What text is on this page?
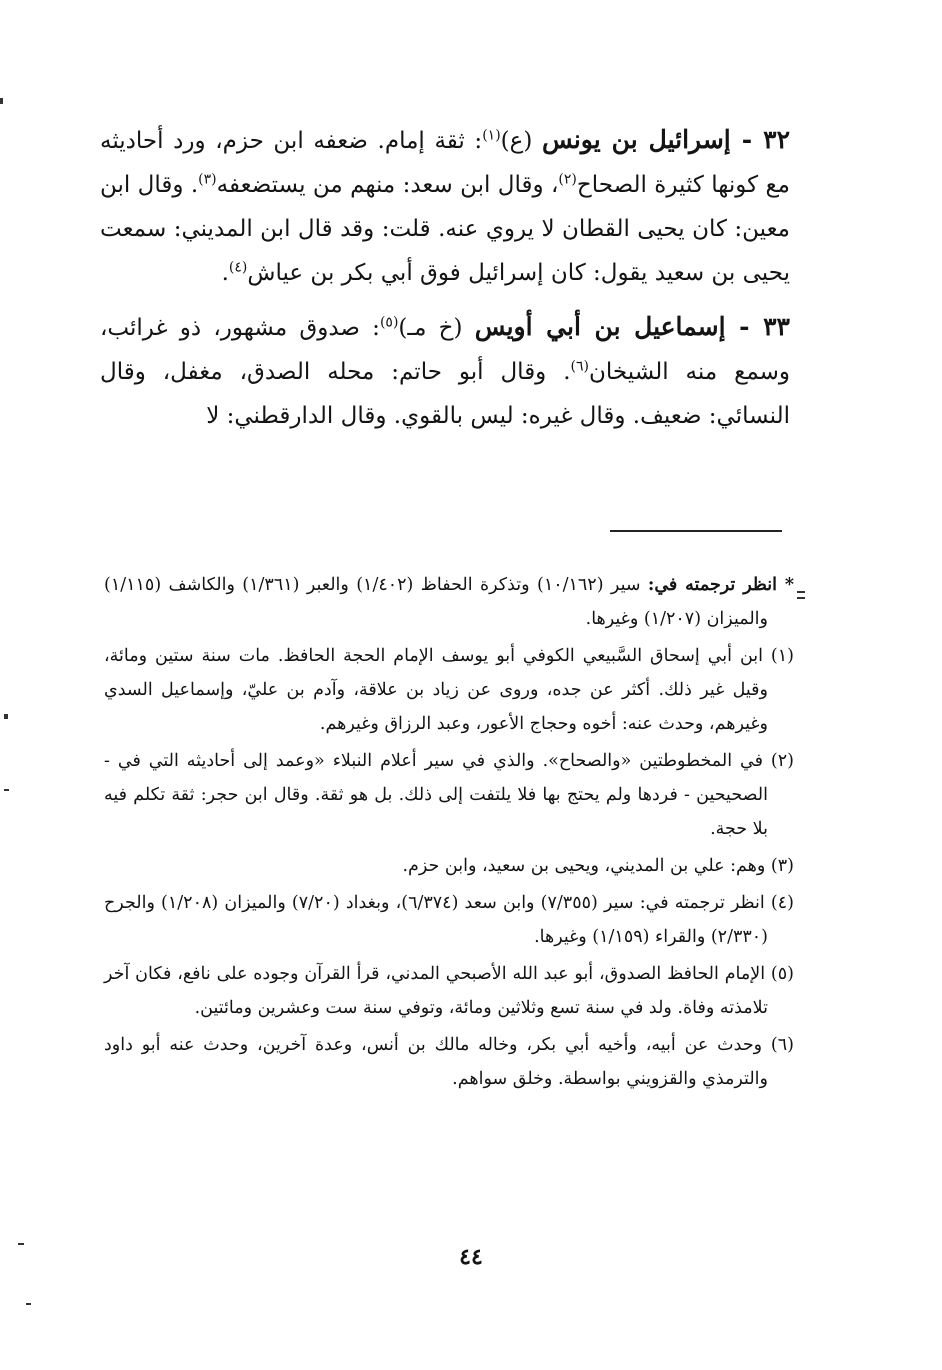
٣٢ - إسرائيل بن يونس (ع)$^{(١)}$: ثقة إمام. ضعفه ابن حزم، ورد أحاديثه مع كونها كثيرة الصحاح$^{(٢)}$، وقال ابن سعد: منهم من يستضعفه$^{(٣)}$. وقال ابن معين: كان يحيى القطان لا يروي عنه. قلت: وقد قال ابن المديني: سمعت يحيى بن سعيد يقول: كان إسرائيل فوق أبي بكر بن عياش$^{(٤)}$.

٣٣ - إسماعيل بن أبي أويس (خ مـ)$^{(٥)}$: صدوق مشهور، ذو غرائب، وسمع منه الشيخان$^{(٦)}$. وقال أبو حاتم: محله الصدق، مغفل، وقال النسائي: ضعيف. وقال غيره: ليس بالقوي. وقال الدارقطني: لا

* انظر ترجمته في: سير (١٠/١٦٢) وتذكرة الحفاظ (١/٤٠٢) والعبر (١/٣٦١) والكاشف (١/١١٥) والميزان (١/٢٠٧) وغيرها.

(١) ابن أبي إسحاق السَّبيعي الكوفي أبو يوسف الإمام الحجة الحافظ. مات سنة ستين ومائة، وقيل غير ذلك. أكثر عن جده، وروى عن زياد بن علاقة، وآدم بن عليّ، وإسماعيل السدي وغيرهم، وحدث عنه: أخوه وحجاج الأعور، وعبد الرزاق وغيرهم.

(٢) في المخطوطتين «والصحاح». والذي في سير أعلام النبلاء «وعمد إلى أحاديثه التي في - الصحيحين - فردها ولم يحتج بها فلا يلتفت إلى ذلك. بل هو ثقة. وقال ابن حجر: ثقة تكلم فيه بلا حجة.

(٣) وهم: علي بن المديني، ويحيى بن سعيد، وابن حزم.

(٤) انظر ترجمته في: سير (٧/٣٥٥) وابن سعد (٦/٣٧٤)، وبغداد (٧/٢٠) والميزان (١/٢٠٨) والجرح (٢/٣٣٠) والقراء (١/١٥٩) وغيرها.

(٥) الإمام الحافظ الصدوق، أبو عبد الله الأصبحي المدني، قرأ القرآن وجوده على نافع، فكان آخر تلامذته وفاة. ولد في سنة تسع وثلاثين ومائة، وتوفي سنة ست وعشرين ومائتين.

(٦) وحدث عن أبيه، وأخيه أبي بكر، وخاله مالك بن أنس، وعدة آخرين، وحدث عنه أبو داود والترمذي والقزويني بواسطة. وخلق سواهم.

٤٤
